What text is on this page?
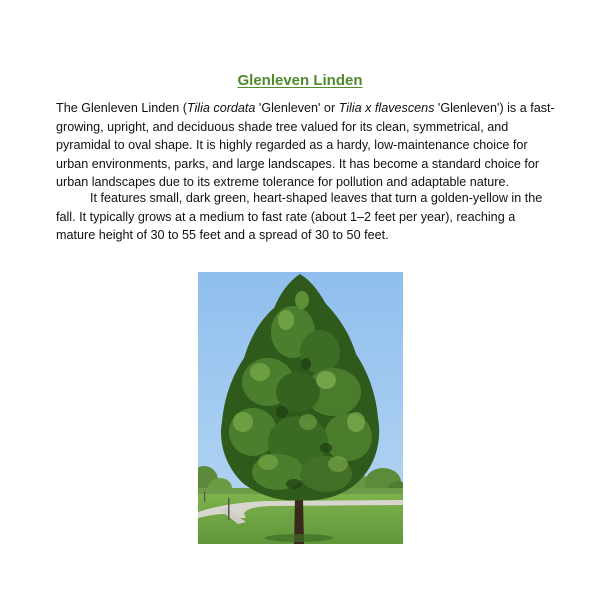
Glenleven Linden
The Glenleven Linden (Tilia cordata 'Glenleven' or Tilia x flavescens 'Glenleven') is a fast-growing, upright, and deciduous shade tree valued for its clean, symmetrical, and pyramidal to oval shape. It is highly regarded as a hardy, low-maintenance choice for urban environments, parks, and large landscapes. It has become a standard choice for urban landscapes due to its extreme tolerance for pollution and adaptable nature.
It features small, dark green, heart-shaped leaves that turn a golden-yellow in the fall. It typically grows at a medium to fast rate (about 1–2 feet per year), reaching a mature height of 30 to 55 feet and a spread of 30 to 50 feet.
